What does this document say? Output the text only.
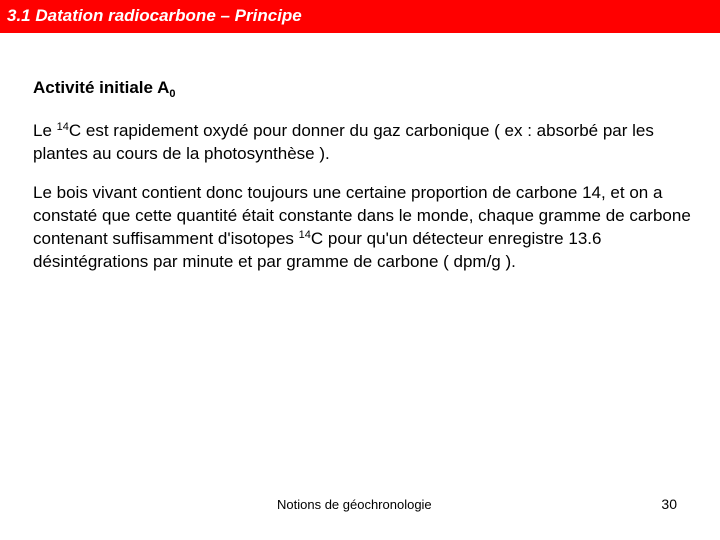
3.1 Datation radiocarbone – Principe
Activité initiale $A_0$

Le $^{14}$C est rapidement oxydé pour donner du gaz carbonique ( ex : absorbé par les plantes au cours de la photosynthèse ).

Le bois vivant contient donc toujours une certaine proportion de carbone 14, et on a constaté que cette quantité était constante dans le monde, chaque gramme de carbone contenant suffisamment d'isotopes $^{14}$C pour qu'un détecteur enregistre 13.6 désintégrations par minute et par gramme de carbone ( dpm/g ).

Notions de géochronologie	30
